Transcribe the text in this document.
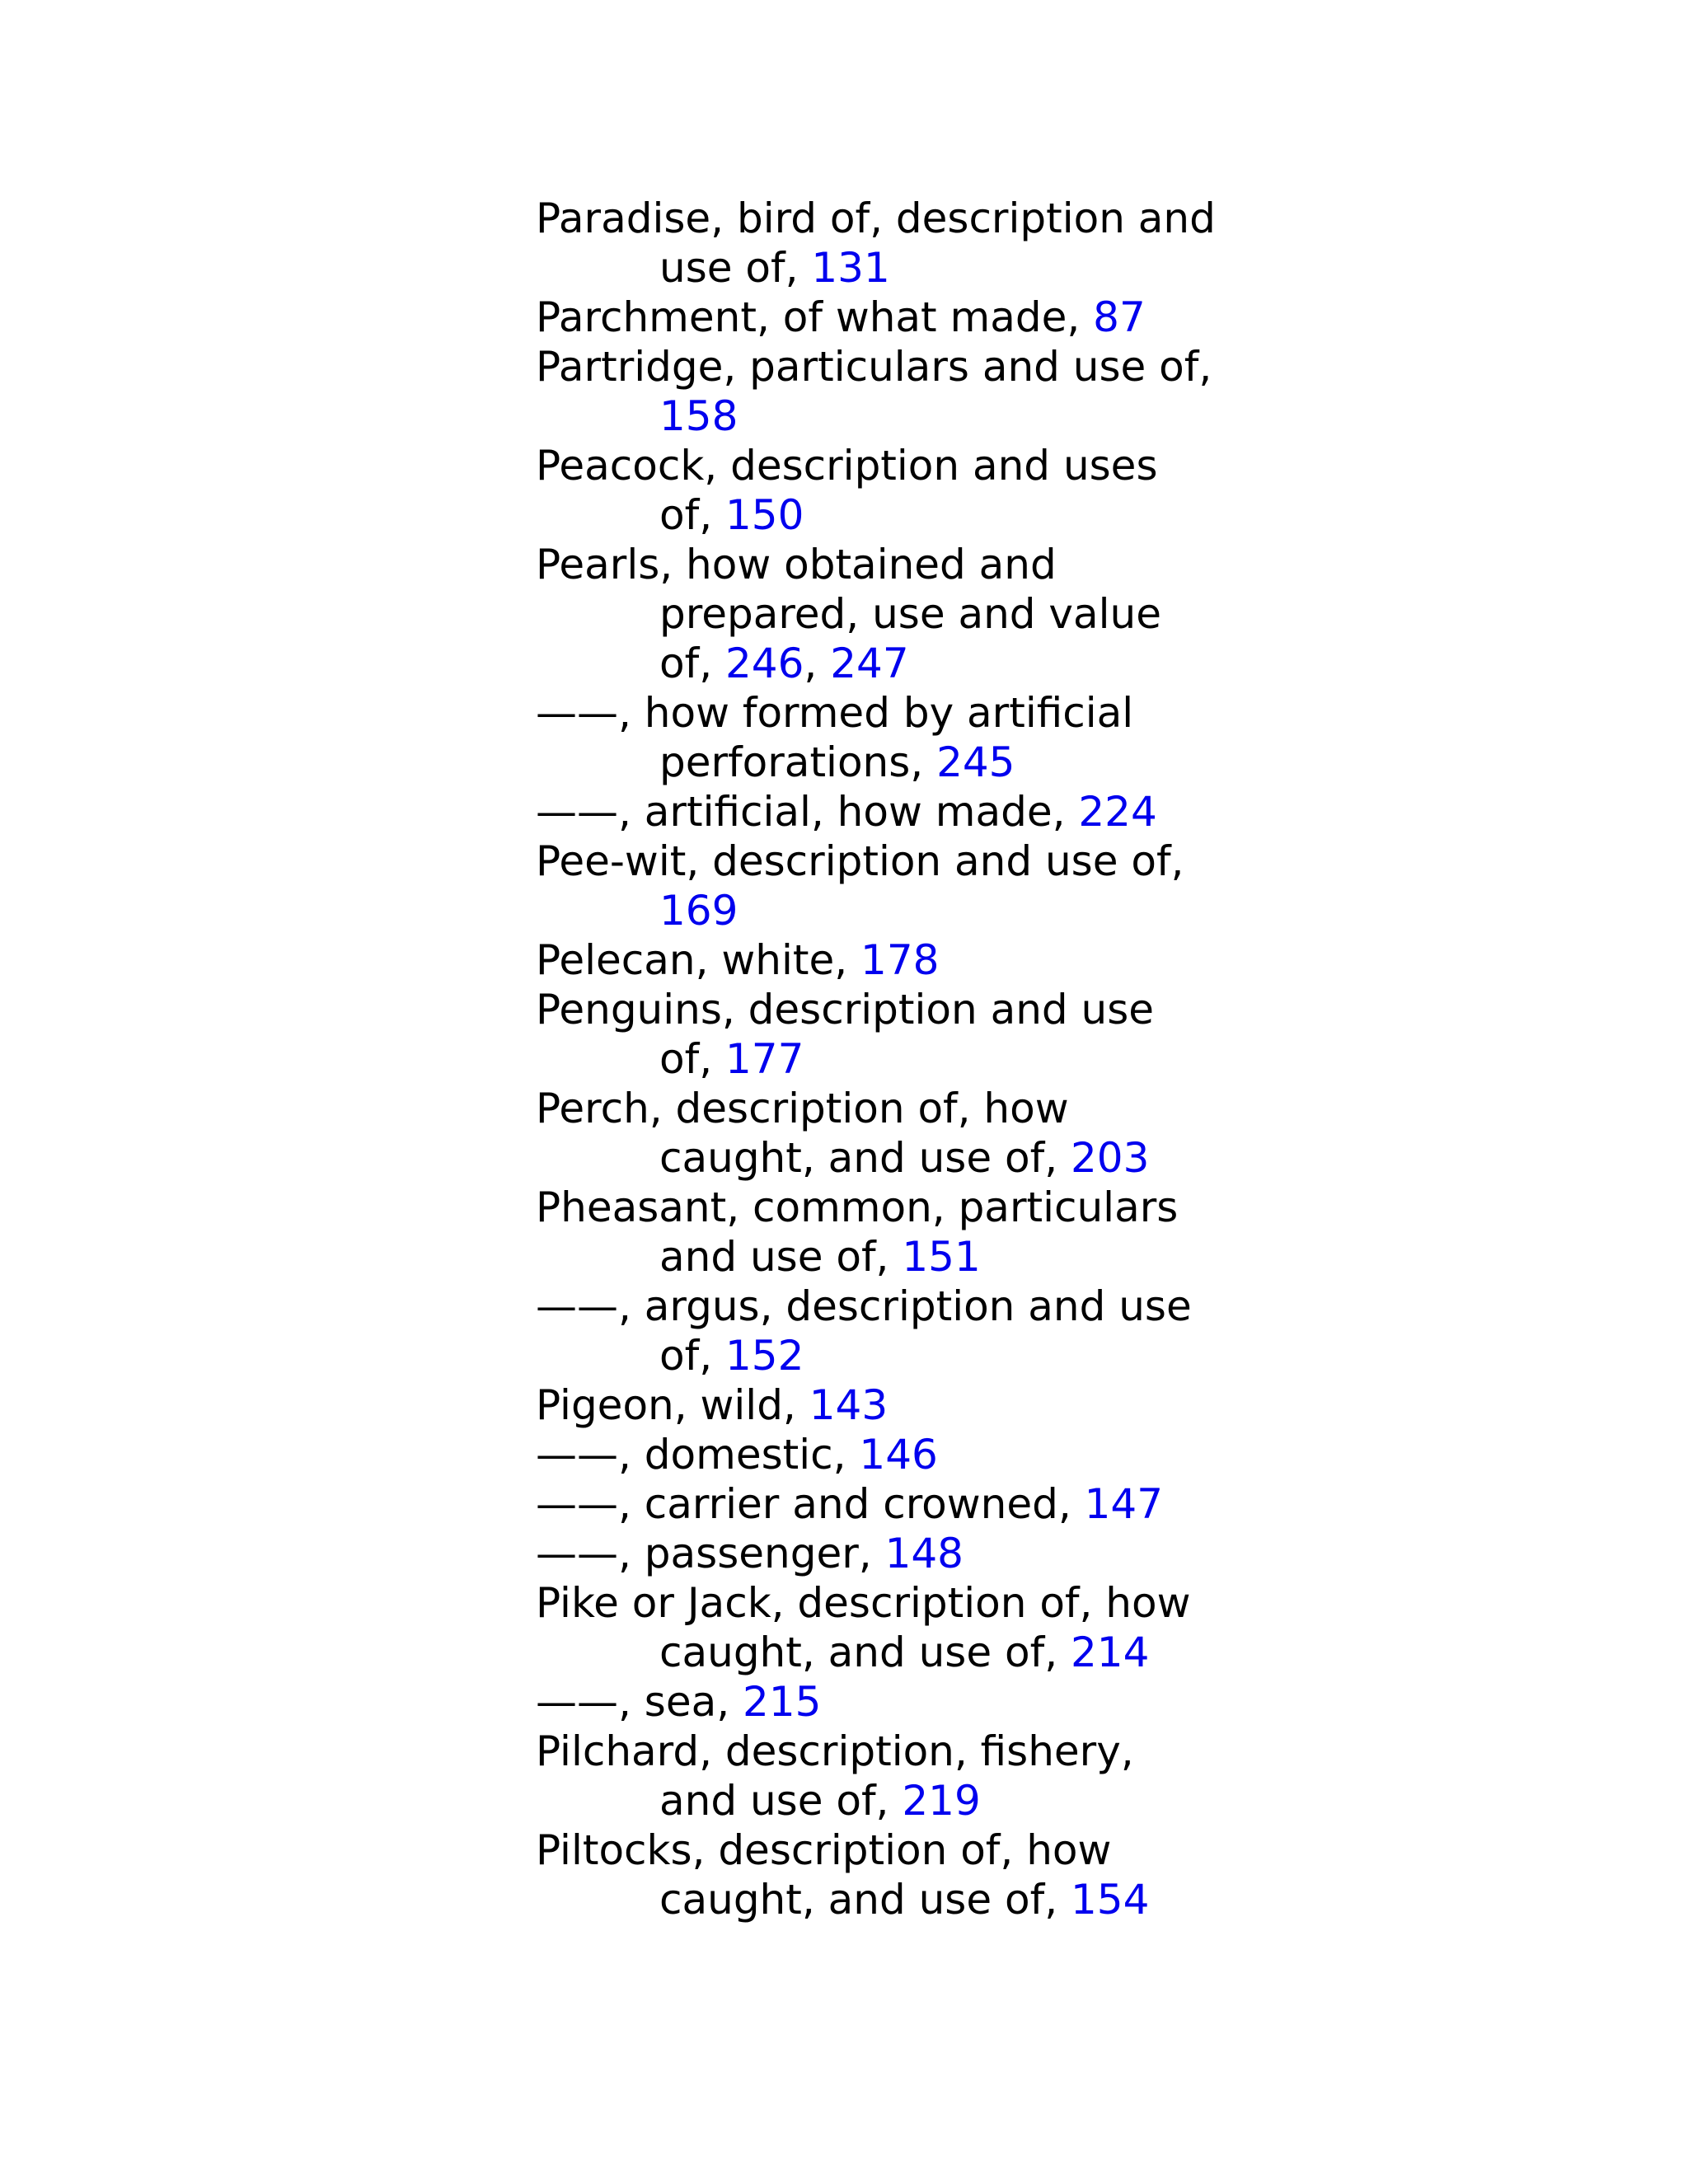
Paradise, bird of, description and
use of, 131
Parchment, of what made, 87
Partridge, particulars and use of,
158
Peacock, description and uses
of, 150
Pearls, how obtained and
prepared, use and value
of, 246, 247
——, how formed by artificial
perforations, 245
——, artificial, how made, 224
Pee-wit, description and use of,
169
Pelecan, white, 178
Penguins, description and use
of, 177
Perch, description of, how
caught, and use of, 203
Pheasant, common, particulars
and use of, 151
——, argus, description and use
of, 152
Pigeon, wild, 143
——, domestic, 146
——, carrier and crowned, 147
——, passenger, 148
Pike or Jack, description of, how
caught, and use of, 214
——, sea, 215
Pilchard, description, fishery,
and use of, 219
Piltocks, description of, how
caught, and use of, 154
